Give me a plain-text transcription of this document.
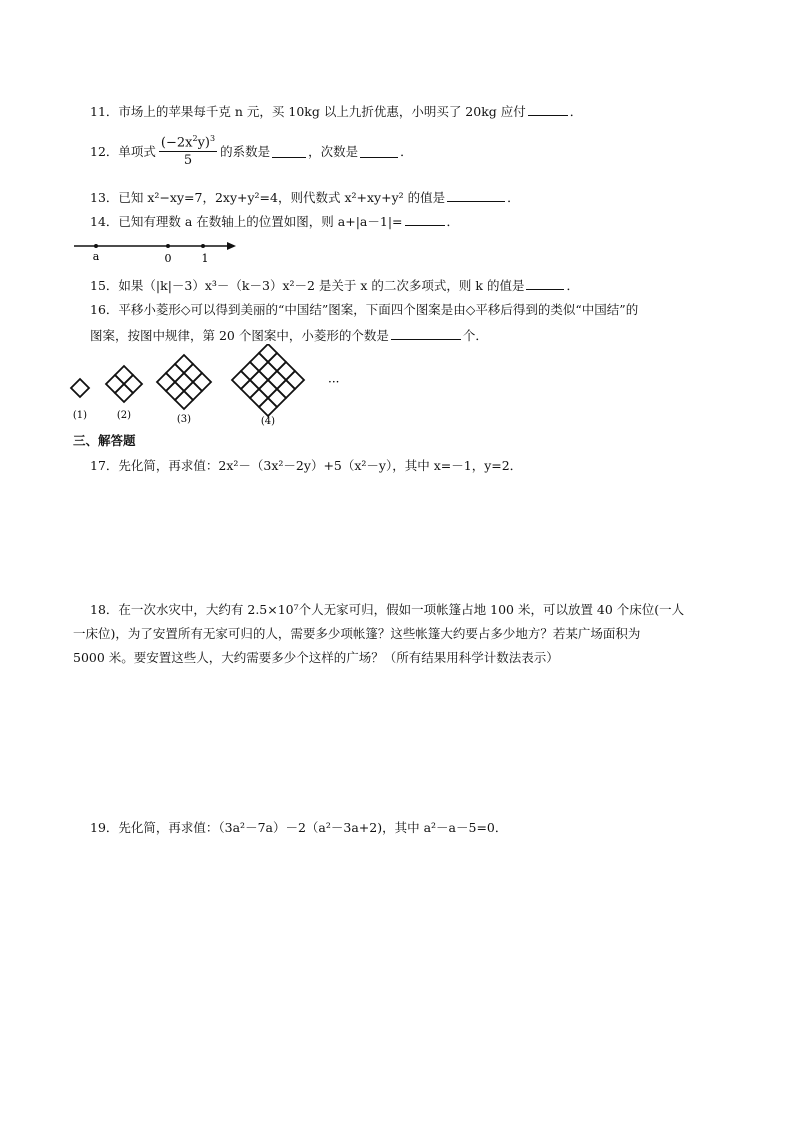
11．市场上的苹果每千克 n 元，买 10kg 以上九折优惠，小明买了 20kg 应付	．
12．单项式 $\frac{(-2x^2y)^3}{5}$ 的系数是	，次数是	．
13．已知 x²−xy=7，2xy+y²=4，则代数式 x²+xy+y² 的值是	．
14．已知有理数 a 在数轴上的位置如图，则 a+|a－1|=	．
a	0	1
15．如果（|k|－3）x³－（k－3）x²－2 是关于 x 的二次多项式，则 k 的值是	．
16．平移小菱形◇可以得到美丽的“中国结”图案，下面四个图案是由◇平移后得到的类似“中国结”的
图案，按图中规律，第 20 个图案中，小菱形的个数是	个．
(1)	(2)	(3)	(4)
···
三、解答题
17．先化简，再求值：2x²－（3x²－2y）+5（x²－y），其中 x=－1，y=2．
18．在一次水灾中，大约有 2.5×10⁷个人无家可归，假如一项帐篷占地 100 米，可以放置 40 个床位(一人
一床位)，为了安置所有无家可归的人，需要多少项帐篷？这些帐篷大约要占多少地方？若某广场面积为
5000 米。要安置这些人，大约需要多少个这样的广场？（所有结果用科学计数法表示）
19．先化简，再求值：（3a²－7a）－2（a²－3a+2)，其中 a²－a－5=0．
